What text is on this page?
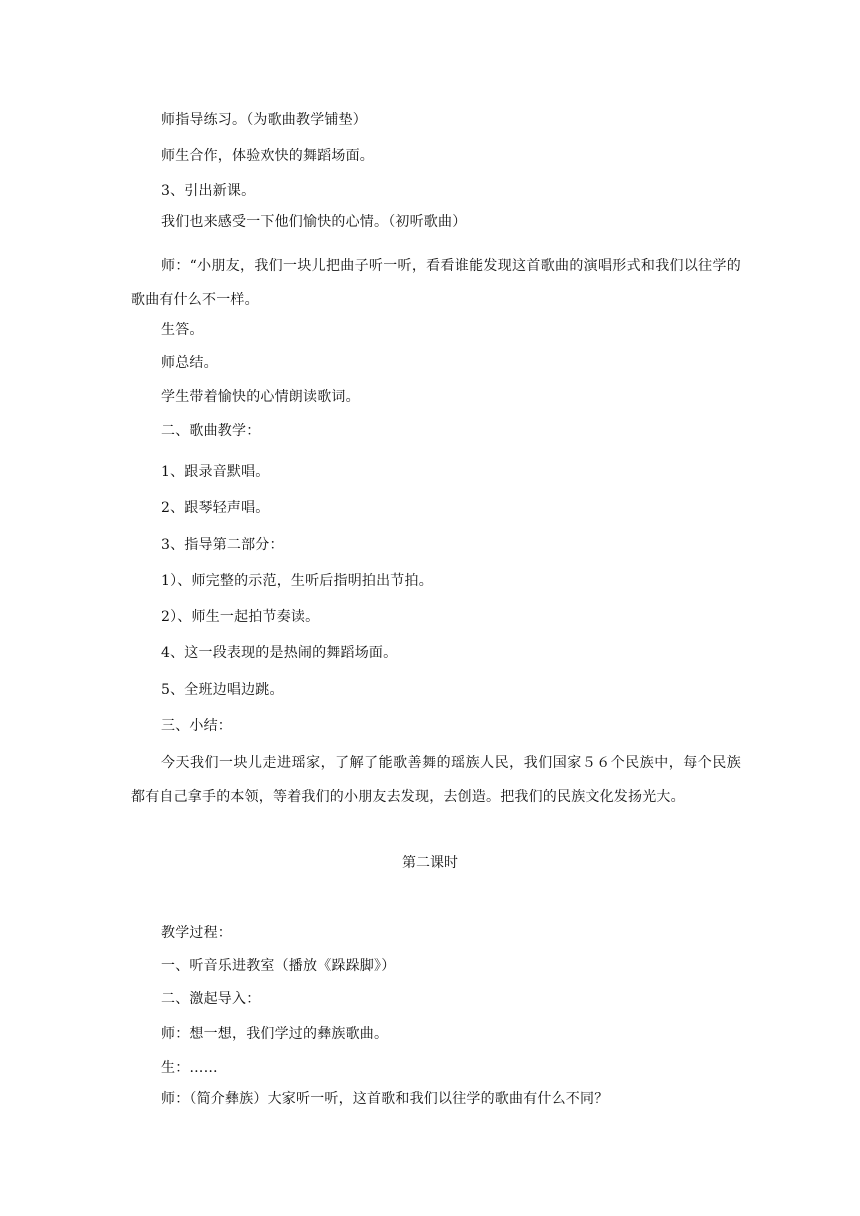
师指导练习。（为歌曲教学铺垫）
师生合作，体验欢快的舞蹈场面。
3、引出新课。
我们也来感受一下他们愉快的心情。（初听歌曲）
师：“小朋友，我们一块儿把曲子听一听，看看谁能发现这首歌曲的演唱形式和我们以往学的歌曲有什么不一样。
生答。
师总结。
学生带着愉快的心情朗读歌词。
二、歌曲教学：
1、跟录音默唱。
2、跟琴轻声唱。
3、指导第二部分：
1）、师完整的示范，生听后指明拍出节拍。
2）、师生一起拍节奏读。
4、这一段表现的是热闹的舞蹈场面。
5、全班边唱边跳。
三、小结：
今天我们一块儿走进瑶家，了解了能歌善舞的瑶族人民，我们国家５６个民族中，每个民族都有自己拿手的本领，等着我们的小朋友去发现，去创造。把我们的民族文化发扬光大。
第二课时
教学过程：
一、听音乐进教室（播放《跺跺脚》）
二、激起导入：
师：想一想，我们学过的彝族歌曲。
生：……
师：（简介彝族）大家听一听，这首歌和我们以往学的歌曲有什么不同？
